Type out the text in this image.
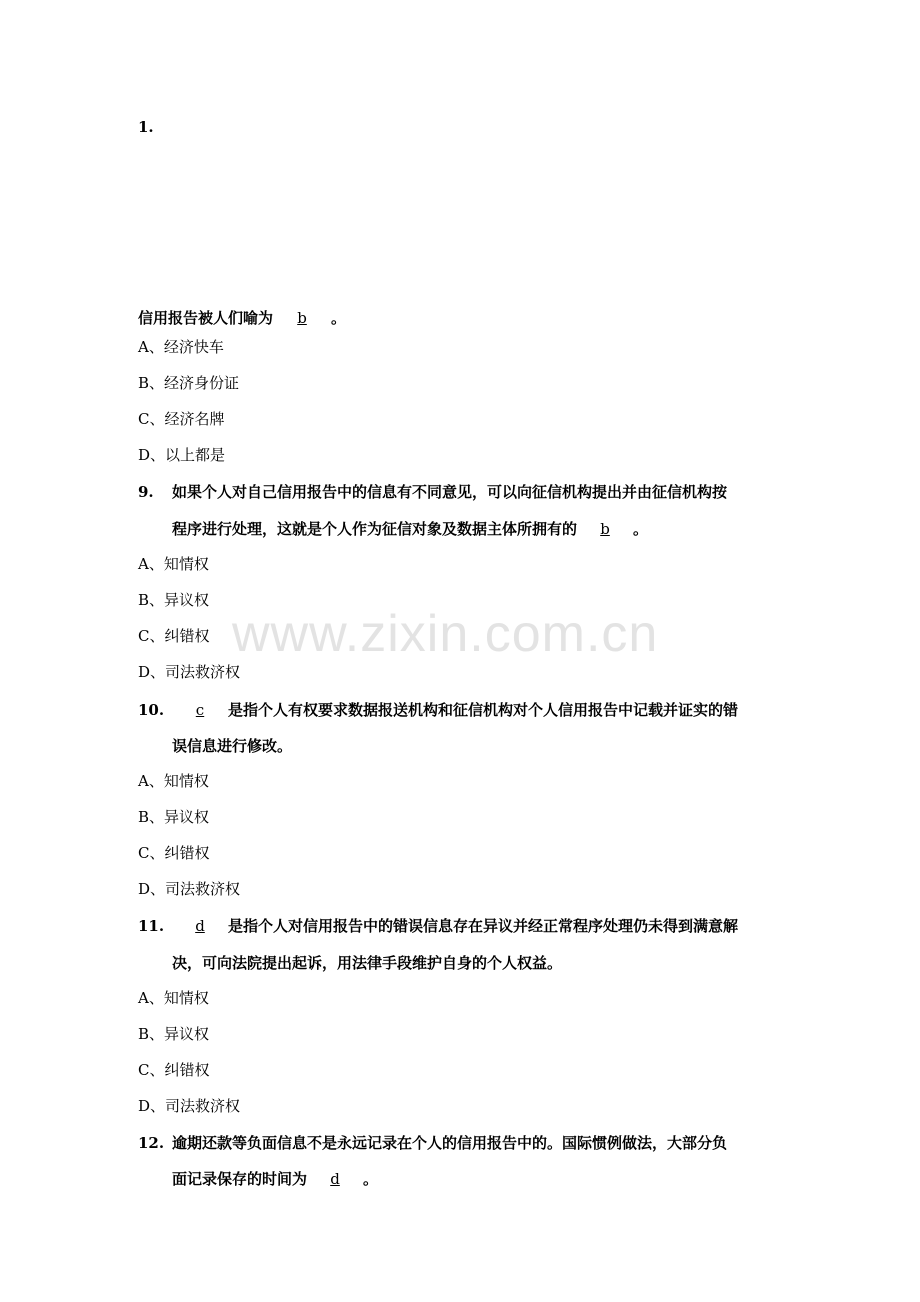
www.zixin.com.cn
1.
信用报告被人们喻为 b 。
A、经济快车
B、经济身份证
C、经济名牌
D、以上都是
9. 如果个人对自己信用报告中的信息有不同意见，可以向征信机构提出并由征信机构按
程序进行处理，这就是个人作为征信对象及数据主体所拥有的 b 。
A、知情权
B、异议权
C、纠错权
D、司法救济权
10. c 是指个人有权要求数据报送机构和征信机构对个人信用报告中记载并证实的错
误信息进行修改。
A、知情权
B、异议权
C、纠错权
D、司法救济权
11. d 是指个人对信用报告中的错误信息存在异议并经正常程序处理仍未得到满意解
决，可向法院提出起诉，用法律手段维护自身的个人权益。
A、知情权
B、异议权
C、纠错权
D、司法救济权
12. 逾期还款等负面信息不是永远记录在个人的信用报告中的。国际惯例做法，大部分负
面记录保存的时间为 d 。
